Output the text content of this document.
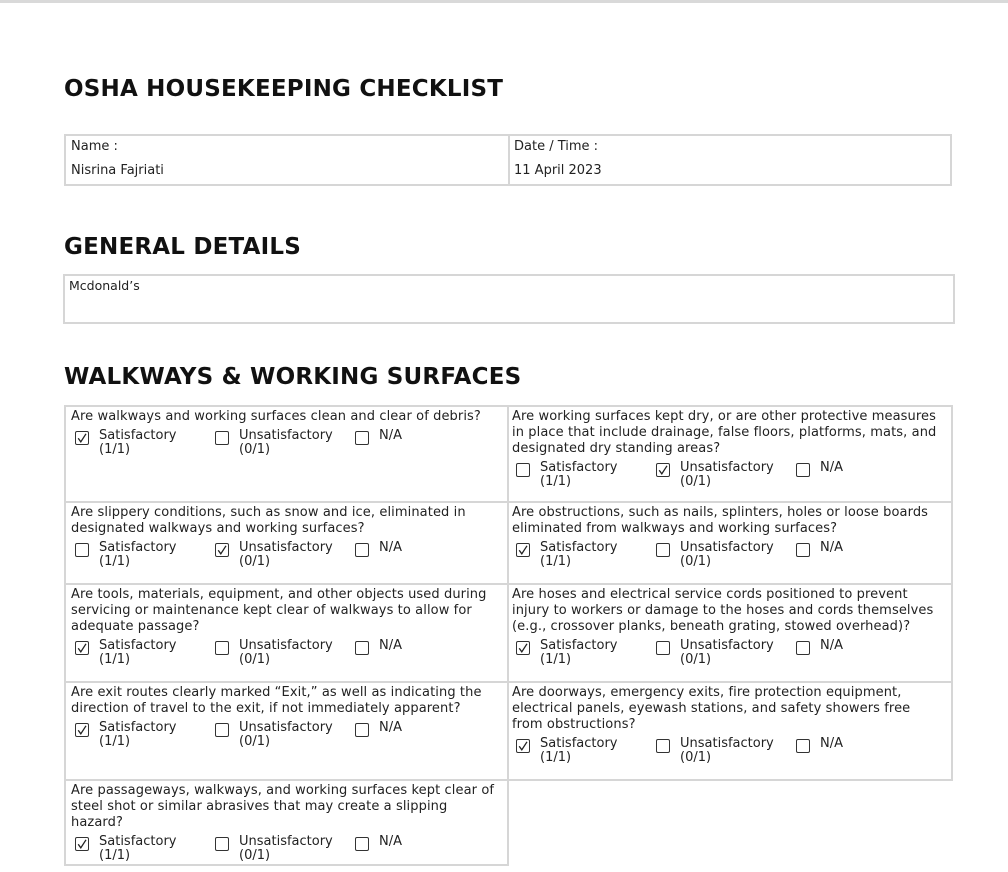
OSHA HOUSEKEEPING CHECKLIST
Name :
Nisrina Fajriati
Date / Time :
11 April 2023
GENERAL DETAILS
Mcdonald’s
WALKWAYS & WORKING SURFACES
Are walkways and working surfaces clean and clear of debris?
Satisfactory
(1/1)
Unsatisfactory
(0/1)
N/A
Are working surfaces kept dry, or are other protective measures in place that include drainage, false floors, platforms, mats, and designated dry standing areas?
Satisfactory
(1/1)
Unsatisfactory
(0/1)
N/A
Are slippery conditions, such as snow and ice, eliminated in designated walkways and working surfaces?
Satisfactory
(1/1)
Unsatisfactory
(0/1)
N/A
Are obstructions, such as nails, splinters, holes or loose boards eliminated from walkways and working surfaces?
Satisfactory
(1/1)
Unsatisfactory
(0/1)
N/A
Are tools, materials, equipment, and other objects used during servicing or maintenance kept clear of walkways to allow for adequate passage?
Satisfactory
(1/1)
Unsatisfactory
(0/1)
N/A
Are hoses and electrical service cords positioned to prevent injury to workers or damage to the hoses and cords themselves (e.g., crossover planks, beneath grating, stowed overhead)?
Satisfactory
(1/1)
Unsatisfactory
(0/1)
N/A
Are exit routes clearly marked “Exit,” as well as indicating the direction of travel to the exit, if not immediately apparent?
Satisfactory
(1/1)
Unsatisfactory
(0/1)
N/A
Are doorways, emergency exits, fire protection equipment, electrical panels, eyewash stations, and safety showers free from obstructions?
Satisfactory
(1/1)
Unsatisfactory
(0/1)
N/A
Are passageways, walkways, and working surfaces kept clear of steel shot or similar abrasives that may create a slipping hazard?
Satisfactory
(1/1)
Unsatisfactory
(0/1)
N/A
